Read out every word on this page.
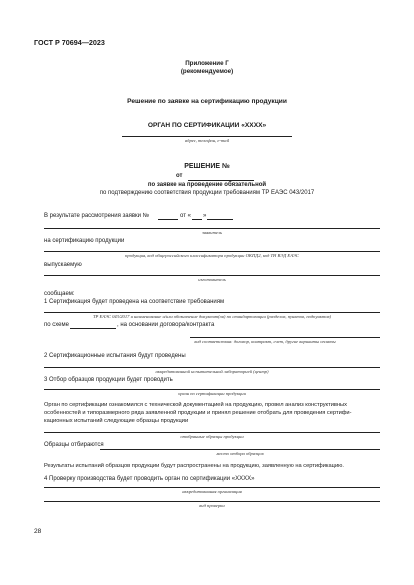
ГОСТ Р 70694—2023
Приложение Г
(рекомендуемое)
Решение по заявке на сертификацию продукции
ОРГАН ПО СЕРТИФИКАЦИИ «ХХХХ»
адрес, телефон, e-mail
РЕШЕНИЕ №
от
по заявке на проведение обязательной
по подтверждению соответствия продукции требованиям ТР ЕАЭС 043/2017
В результате рассмотрения заявки №	от « »
заявитель
на сертификацию продукции
продукция, код общероссийского классификатора продукции ОКПД2, код ТН ВЭД ЕАЭС
выпускаемую
изготовитель
сообщаем:
1 Сертификация будет проведена на соответствие требованиям
ТР ЕАЭС 043/2017 и наименование и/или обозначение документ(ов) по стандартизации (разделов, пунктов, подпунктов)
по схеме	, на основании договора/контракта
вид соответствия: договор, контракт, счет, другие варианты оплаты
2 Сертификационные испытания будут проведены
аккредитованной испытательной лабораторией (центр)
3 Отбор образцов продукции будет проводить
орган по сертификации продукции
Орган по сертификации ознакомился с технической документацией на продукцию, провел анализ конструктивных
особенностей и типоразмерного ряда заявленной продукции и принял решение отобрать для проведения сертифи-
кационных испытаний следующие образцы продукции
отобранные образцы продукции
Образцы отбираются
место отбора образцов
Результаты испытаний образцов продукции будут распространены на продукцию, заявленную на сертификацию.
4 Проверку производства будет проводить орган по сертификации «ХХХХ»
аккредитованная организация
вид проверки
28
